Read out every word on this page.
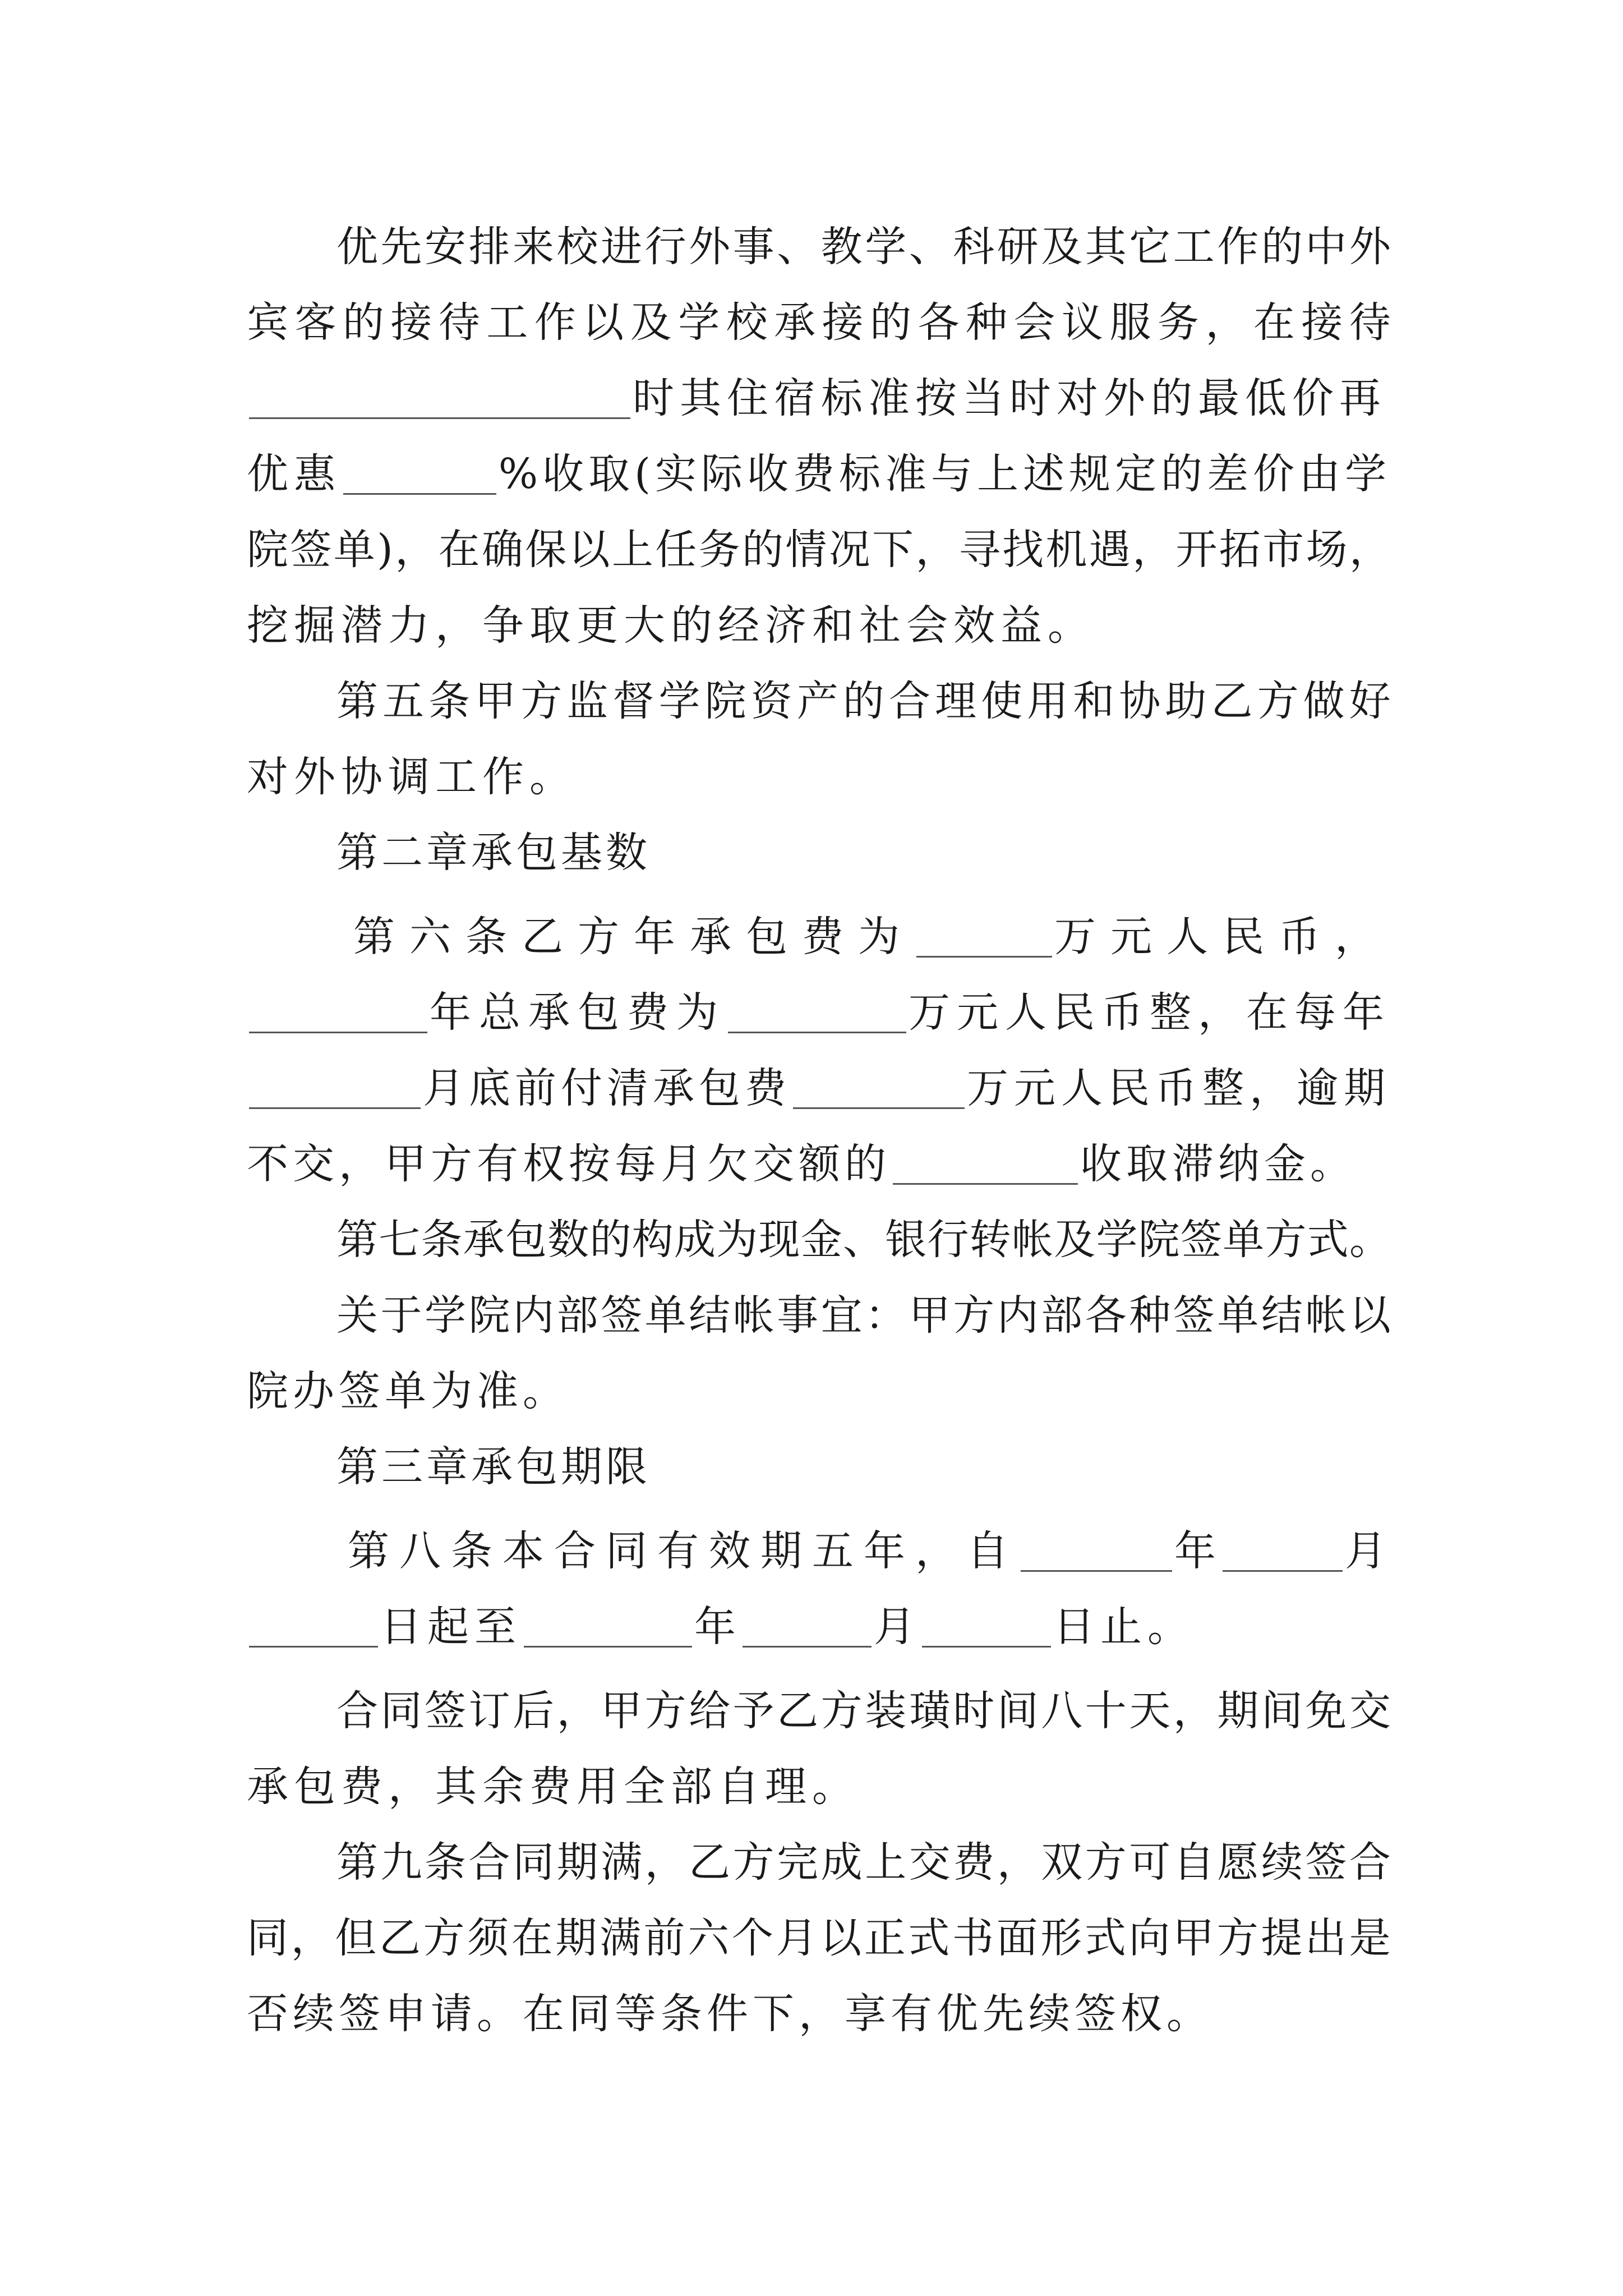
优 先 安 排 来 校 进 行 外 事 、 教 学 、 科 研 及 其 它 工 作 的 中 外
宾 客 的 接 待 工 作 以 及 学 校 承 接 的 各 种 会 议 服 务 ， 在 接 待
时其住宿标准按当时对外的最低价再
优惠	%收取(实际收费标准与上述规定的差价由学
院 签 单 ) ， 在 确 保 以 上 任 务 的 情 况 下 ， 寻 找 机 遇 ， 开 拓 市 场 ，
挖掘潜力，争取更大的经济和社会效益。
第 五 条 甲 方 监 督 学 院 资 产 的 合 理 使 用 和 协 助 乙 方 做 好
对外协调工作。
第二章承包基数
第六条乙方年承包费为	万元人民币，
年总承包费为	万元人民币整，在每年
月底前付清承包费	万元人民币整，逾期
不交，甲方有权按每月欠交额的	收取滞纳金。
第 七 条 承 包 数 的 构 成 为 现 金 、 银 行 转 帐 及 学 院 签 单 方 式 。
关 于 学 院 内 部 签 单 结 帐 事 宜 ： 甲 方 内 部 各 种 签 单 结 帐 以
院办签单为准。
第三章承包期限
第八条本合同有效期五年，自	年	月
日起至	年	月	日止。
合 同 签 订 后 ， 甲 方 给 予 乙 方 装 璜 时 间 八 十 天 ， 期 间 免 交
承包费，其余费用全部自理。
第 九 条 合 同 期 满 ， 乙 方 完 成 上 交 费 ， 双 方 可 自 愿 续 签 合
同 ， 但 乙 方 须 在 期 满 前 六 个 月 以 正 式 书 面 形 式 向 甲 方 提 出 是
否续签申请。在同等条件下，享有优先续签权。
